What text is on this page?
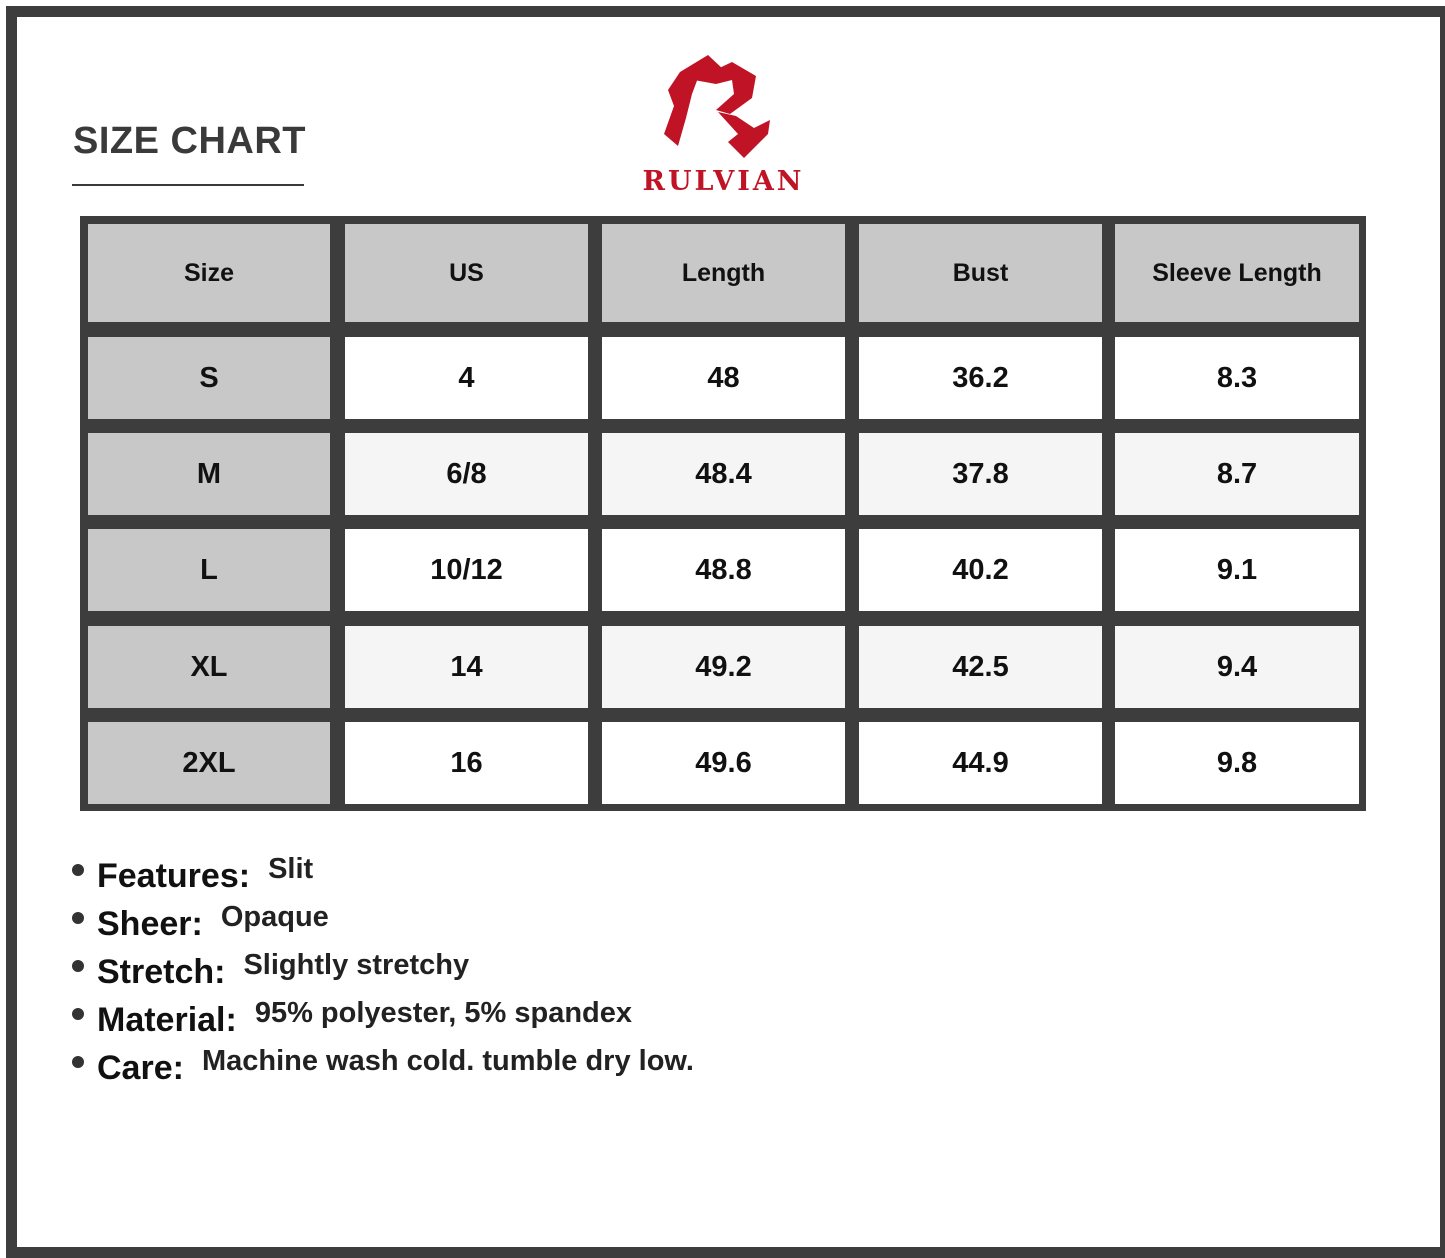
SIZE CHART
RULVIAN
Size	US	Length	Bust	Sleeve Length
S	4	48	36.2	8.3
M	6/8	48.4	37.8	8.7
L	10/12	48.8	40.2	9.1
XL	14	49.2	42.5	9.4
2XL	16	49.6	44.9	9.8
Features: Slit
Sheer: Opaque
Stretch: Slightly stretchy
Material: 95% polyester, 5% spandex
Care: Machine wash cold. tumble dry low.
